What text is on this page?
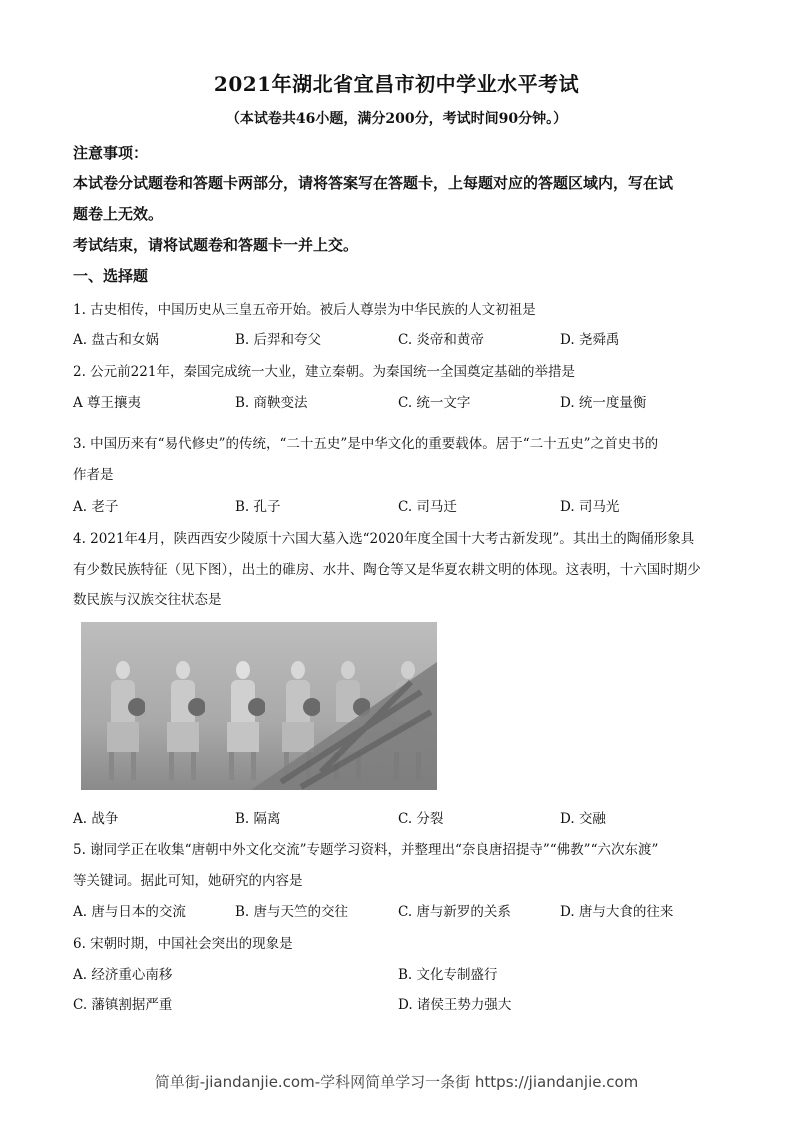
2021年湖北省宜昌市初中学业水平考试
（本试卷共46小题，满分200分，考试时间90分钟。）
注意事项：
本试卷分试题卷和答题卡两部分，请将答案写在答题卡，上每题对应的答题区域内，写在试
题卷上无效。
考试结束，请将试题卷和答题卡一并上交。
一、选择题
1. 古史相传，中国历史从三皇五帝开始。被后人尊崇为中华民族的人文初祖是
A. 盘古和女娲	B. 后羿和夸父	C. 炎帝和黄帝	D. 尧舜禹
2. 公元前221年，秦国完成统一大业，建立秦朝。为秦国统一全国奠定基础的举措是
A 尊王攘夷	B. 商鞅变法	C. 统一文字	D. 统一度量衡
3. 中国历来有“易代修史”的传统，“二十五史”是中华文化的重要载体。居于“二十五史”之首史书的
作者是
A. 老子	B. 孔子	C. 司马迁	D. 司马光
4. 2021年4月，陕西西安少陵原十六国大墓入选“2020年度全国十大考古新发现”。其出土的陶俑形象具
有少数民族特征（见下图），出土的碓房、水井、陶仓等又是华夏农耕文明的体现。这表明，十六国时期少
数民族与汉族交往状态是
A. 战争	B. 隔离	C. 分裂	D. 交融
5. 谢同学正在收集“唐朝中外文化交流”专题学习资料，并整理出“奈良唐招提寺”“佛教”“六次东渡”
等关键词。据此可知，她研究的内容是
A. 唐与日本的交流	B. 唐与天竺的交往	C. 唐与新罗的关系	D. 唐与大食的往来
6. 宋朝时期，中国社会突出的现象是
A. 经济重心南移	B. 文化专制盛行
C. 藩镇割据严重	D. 诸侯王势力强大
简单街-jiandanjie.com-学科网简单学习一条街 https://jiandanjie.com
